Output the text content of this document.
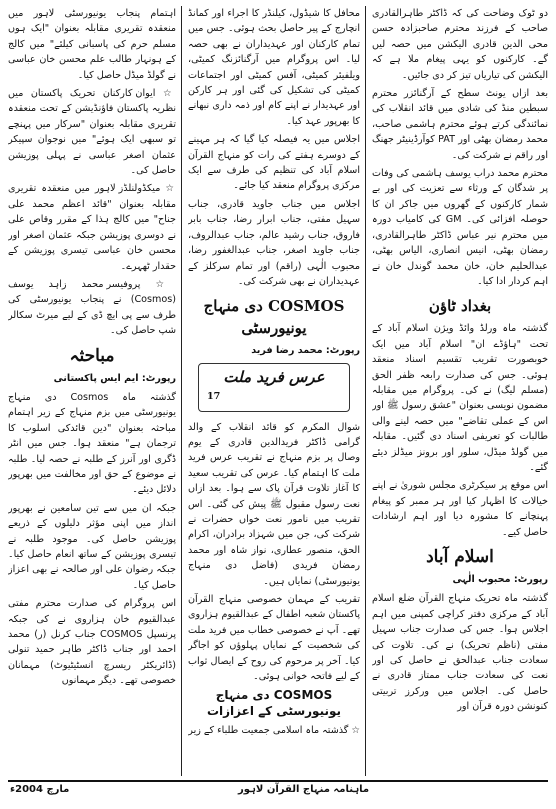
دو ٹوک وضاحت کی کہ ڈاکٹر طاہرالقادری صاحب کے فرزند محترم صاحبزادہ حسن محی الدین قادری الیکشن میں حصہ لیں گے۔ کارکنوں کو یہی پیغام ملا ہے کہ الیکشن کی تیاریاں تیز کر دی جائیں۔

بعد ازاں یونٹ سطح کے آرگنائزر محترم سبطین منڈ کی شادی میں قائد انقلاب کی نمائندگی کرتے ہوئے محترم ہاشمی صاحب، محمد رمضان بھٹی اور PAT کوآرڈینیٹر جھنگ اور راقم نے شرکت کی۔

محترم محمد دراب یوسف ہاشمی کی وفات پر شدگان کے ورثاء سے تعزیت کی اور بے شمار کارکنوں کے گھروں میں جاکر ان کا حوصلہ افزائی کی۔ GM کی کامیاب دورہ میں محترم نیر عباس ڈاکٹر طاہرالقادری، رمضان بھٹی، انیس انصاری، الیاس بھٹی، عبدالحلیم خان، خان محمد گوندل خان نے اہم کردار ادا کیا۔

بغداد ٹاؤن

گذشتہ ماہ ورلڈ وائڈ ویژن اسلام آباد کے تحت "ہاؤڈے ان" اسلام آباد میں ایک خوبصورت تقریب تقسیم اسناد منعقد ہوئی۔ جس کی صدارت رابعہ ظفر الحق (مسلم لیگ) نے کی۔ پروگرام میں مقابلہ مضمون نویسی بعنوان "عشق رسول ﷺ اور اس کے عملی تقاضے" میں حصہ لینے والی طالبات کو تعریفی اسناد دی گئیں۔ مقابلہ میں گولڈ میڈل، سلور اور برونز میڈلز دیئے گئے۔

اس موقع پر سیکرٹری مجلس شوریٰ نے اپنے خیالات کا اظہار کیا اور ہر ممبر کو پیغام پہنچانے کا مشورہ دیا اور اہم ارشادات حاصل کیے۔

اسلام آباد
رپورٹ: محبوب الٰہی

گذشتہ ماہ تحریک منہاج القرآن ضلع اسلام آباد کے مرکزی دفتر کراچی کمپنی میں اہم اجلاس ہوا۔ جس کی صدارت جناب سہیل مفتی (ناظم تحریک) نے کی۔ تلاوت کی سعادت جناب عبدالحق نے حاصل کی اور نعت کی سعادت جناب ممتاز قادری نے حاصل کی۔ اجلاس میں ورکرز تربیتی کنونشن دورہ قرآن اور

محافل کا شیڈول، کیلنڈر کا اجراء اور کمانڈ انچارج کے پیر حاصل بحث ہوئی۔ جس میں تمام کارکنان اور عہدیداران نے بھی حصہ لیا۔ اس پروگرام میں آرگنائزنگ کمیٹی، ویلفیئر کمیٹی، آفس کمیٹی اور اجتماعات کمیٹی کی تشکیل کی گئی اور ہر کارکن اور عہدیدار نے اپنے کام اور ذمہ داری نبھانے کا بھرپور عہد کیا۔

اجلاس میں یہ فیصلہ کیا گیا کہ ہر مہینے کے دوسرے ہفتے کی رات کو منہاج القرآن اسلام آباد کی تنظیم کی طرف سے ایک مرکزی پروگرام منعقد کیا جائے۔

اجلاس میں جناب جاوید قادری، جناب سہیل مفتی، جناب ابرار رضا، جناب بابر فاروق، جناب رشید عالم، جناب عبدالروف، جناب جاوید اصغر، جناب عبدالغفور رضا، محبوب الٰہی (راقم) اور تمام سرکلز کے عہدیداران نے بھی شرکت کی۔

COSMOS دی منہاج یونیورسٹی
رپورٹ: محمد رضا فرید
عرس فرید ملت
17

شوال المکرم کو قائد انقلاب کے والد گرامی ڈاکٹر فریدالدین قادری کے یوم وصال پر بزم منہاج نے تقریب عرس فرید ملت کا اہتمام کیا۔ عرس کی تقریب سعید کا آغاز تلاوت قرآن پاک سے ہوا۔ بعد ازاں نعت رسول مقبول ﷺ پیش کی گئی۔ اس تقریب میں نامور نعت خواں حضرات نے شرکت کی، جن میں شہزاد برادران، اکرام الحق، منصور عطاری، نواز شاہ اور محمد رمضان فریدی (فاضل دی منہاج یونیورسٹی) نمایاں ہیں۔

تقریب کے مہمان خصوصی منہاج القرآن پاکستان شعبہ اطفال کے عبدالقیوم ہزاروی تھے۔ آپ نے خصوصی خطاب میں فرید ملت کی شخصیت کے نمایاں پہلوؤں کو اجاگر کیا۔ آخر پر مرحوم کی روح کے ایصال ثواب کے لیے فاتحہ خوانی ہوئی۔

COSMOS دی منہاج یونیورسٹی کے اعزازات

☆ گذشتہ ماہ اسلامی جمعیت طلباء کے زیر

اہتمام پنجاب یونیورسٹی لاہور میں منعقدہ تقریری مقابلہ بعنوان "ایک ہوں مسلم حرم کی پاسبانی کیلئے" میں کالج کے ہونہار طالب علم محسن خان عباسی نے گولڈ میڈل حاصل کیا۔

☆ ایوان کارکنان تحریک پاکستان میں نظریہ پاکستان فاؤنڈیشن کے تحت منعقدہ تقریری مقابلہ بعنوان "سرکار میں پہنچے تو سبھی ایک ہوئے" میں نوجوان سپیکر عثمان اصغر عباسی نے پہلی پوزیشن حاصل کی۔

☆ میکڈولنلڈز لاہور میں منعقدہ تقریری مقابلہ بعنوان "قائد اعظم محمد علی جناح" میں کالج ہذا کے مقرر وقاص علی نے دوسری پوزیشن جبکہ عثمان اصغر اور محسن خان عباسی تیسری پوزیشن کے حقدار ٹھہرے۔

☆ پروفیسر محمد زاہد یوسف (Cosmos) نے پنجاب یونیورسٹی کی طرف سے پی ایچ ڈی کے لیے میرٹ سکالر شپ حاصل کی۔

مباحثہ
رپورٹ: ایم ایس پاکستانی

گذشتہ ماہ Cosmos دی منہاج یونیورسٹی میں بزم منہاج کے زیر اہتمام مباحثہ بعنوان "دین قائدکی اسلوب کا ترجمان ہے" منعقد ہوا۔ جس میں انٹر ڈگری اور آنرز کے طلبہ نے حصہ لیا۔ طلبہ نے موضوع کے حق اور مخالفت میں بھرپور دلائل دیئے۔

جبکہ ان میں سے تین سامعین نے بھرپور انداز میں اپنی مؤثر دلیلوں کے ذریعے پوزیشن حاصل کی۔ موجود طلبہ نے تیسری پوزیشن کے ساتھ انعام حاصل کیا۔ جبکہ رضوان علی اور صالحہ نے بھی اعزاز حاصل کیا۔

اس پروگرام کی صدارت محترم مفتی عبدالقیوم خان ہزاروی نے کی جبکہ پرنسپل COSMOS جناب کرنل (ر) محمد احمد اور جناب ڈاکٹر طاہر حمید تنولی (ڈائریکٹر ریسرچ انسٹیٹیوٹ) مہمانان خصوصی تھے۔ دیگر مہمانوں

ماہنامہ منہاج القرآن لاہور
مارچ 2004ء
